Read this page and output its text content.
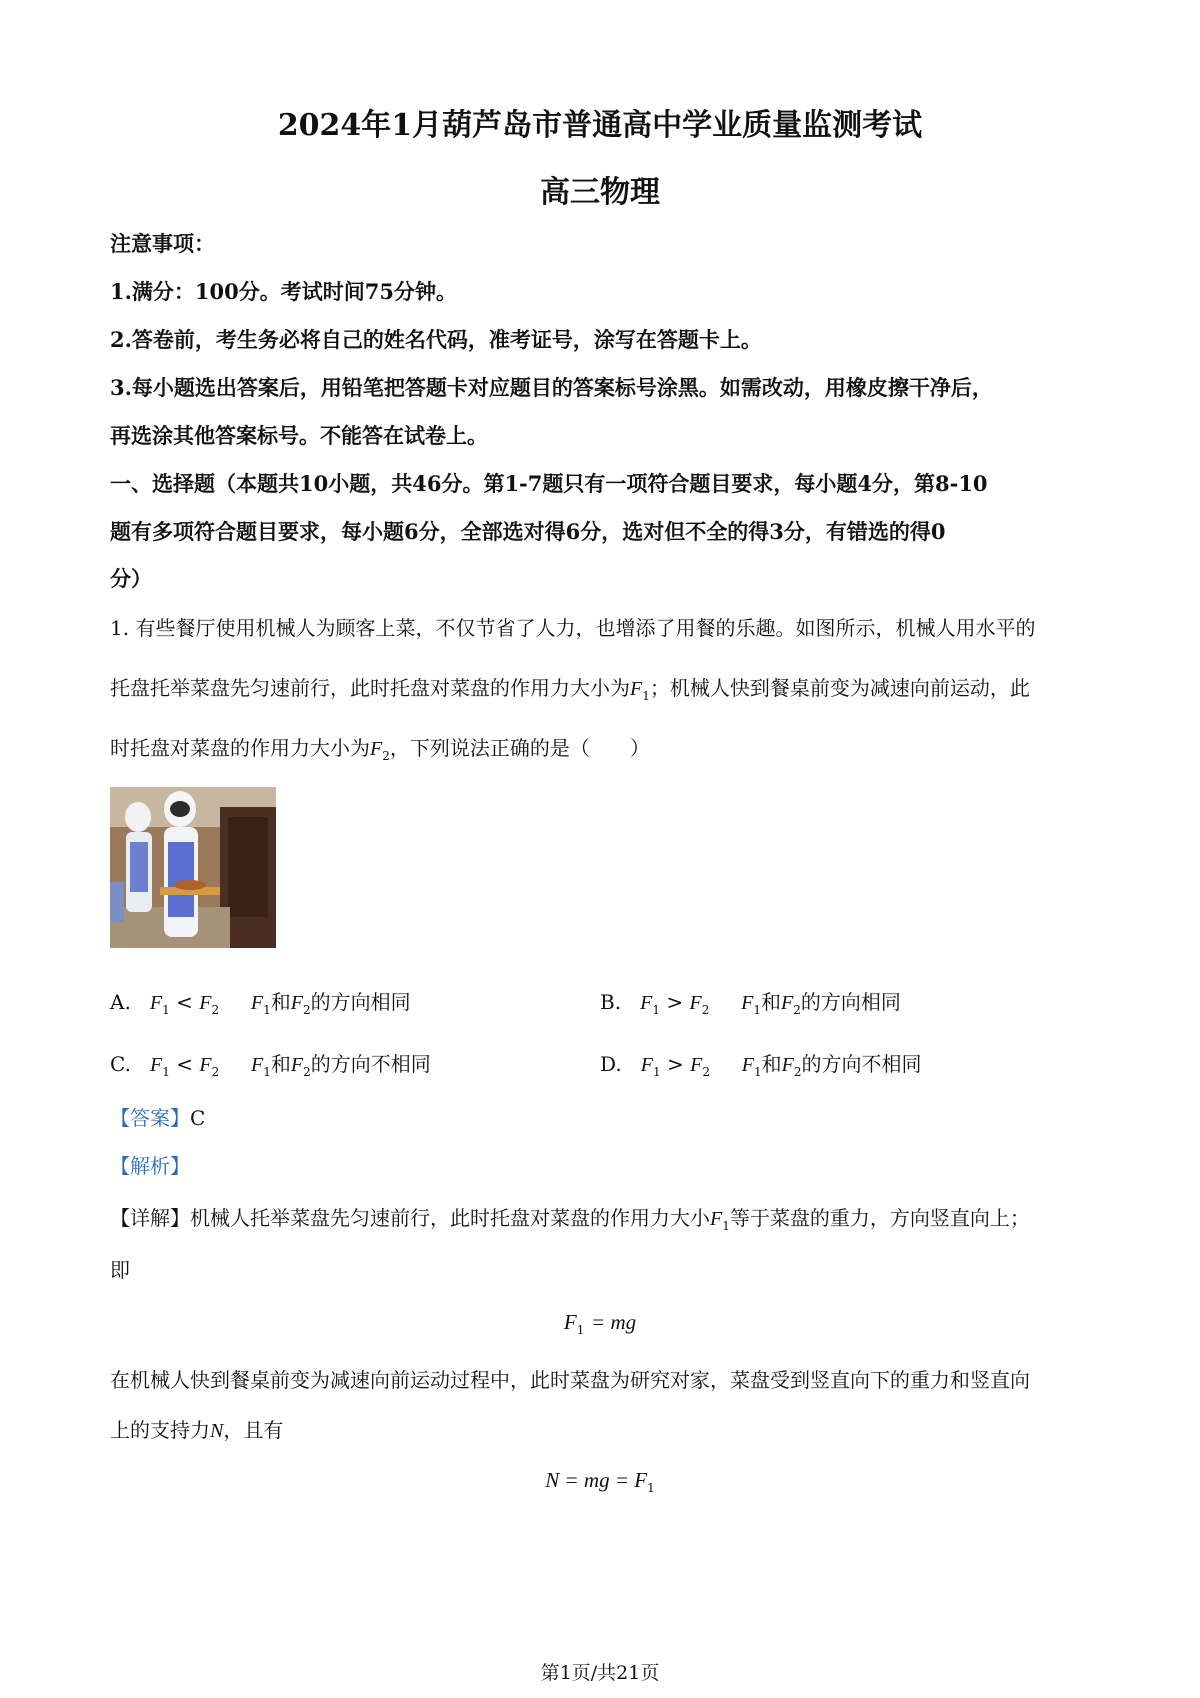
2024年1月葫芦岛市普通高中学业质量监测考试
高三物理
注意事项：
1.满分：100分。考试时间75分钟。
2.答卷前，考生务必将自己的姓名代码，准考证号，涂写在答题卡上。
3.每小题选出答案后，用铅笔把答题卡对应题目的答案标号涂黑。如需改动，用橡皮擦干净后，
再选涂其他答案标号。不能答在试卷上。
一、选择题（本题共10小题，共46分。第1-7题只有一项符合题目要求，每小题4分，第8-10
题有多项符合题目要求，每小题6分，全部选对得6分，选对但不全的得3分，有错选的得0
分）
1. 有些餐厅使用机械人为顾客上菜，不仅节省了人力，也增添了用餐的乐趣。如图所示，机械人用水平的
托盘托举菜盘先匀速前行，此时托盘对菜盘的作用力大小为$F_1$；机械人快到餐桌前变为减速向前运动，此
时托盘对菜盘的作用力大小为$F_2$，下列说法正确的是（　　）
A. $F_1 < F_2$ $F_1$和$F_2$的方向相同	B. $F_1 > F_2$ $F_1$和$F_2$的方向相同
C. $F_1 < F_2$ $F_1$和$F_2$的方向不相同	D. $F_1 > F_2$ $F_1$和$F_2$的方向不相同
【答案】C
【解析】
【详解】机械人托举菜盘先匀速前行，此时托盘对菜盘的作用力大小$F_1$等于菜盘的重力，方向竖直向上；
即
$F_1$ = mg
在机械人快到餐桌前变为减速向前运动过程中，此时菜盘为研究对家，菜盘受到竖直向下的重力和竖直向
上的支持力N，且有
N = mg = $F_1$
第1页/共21页
